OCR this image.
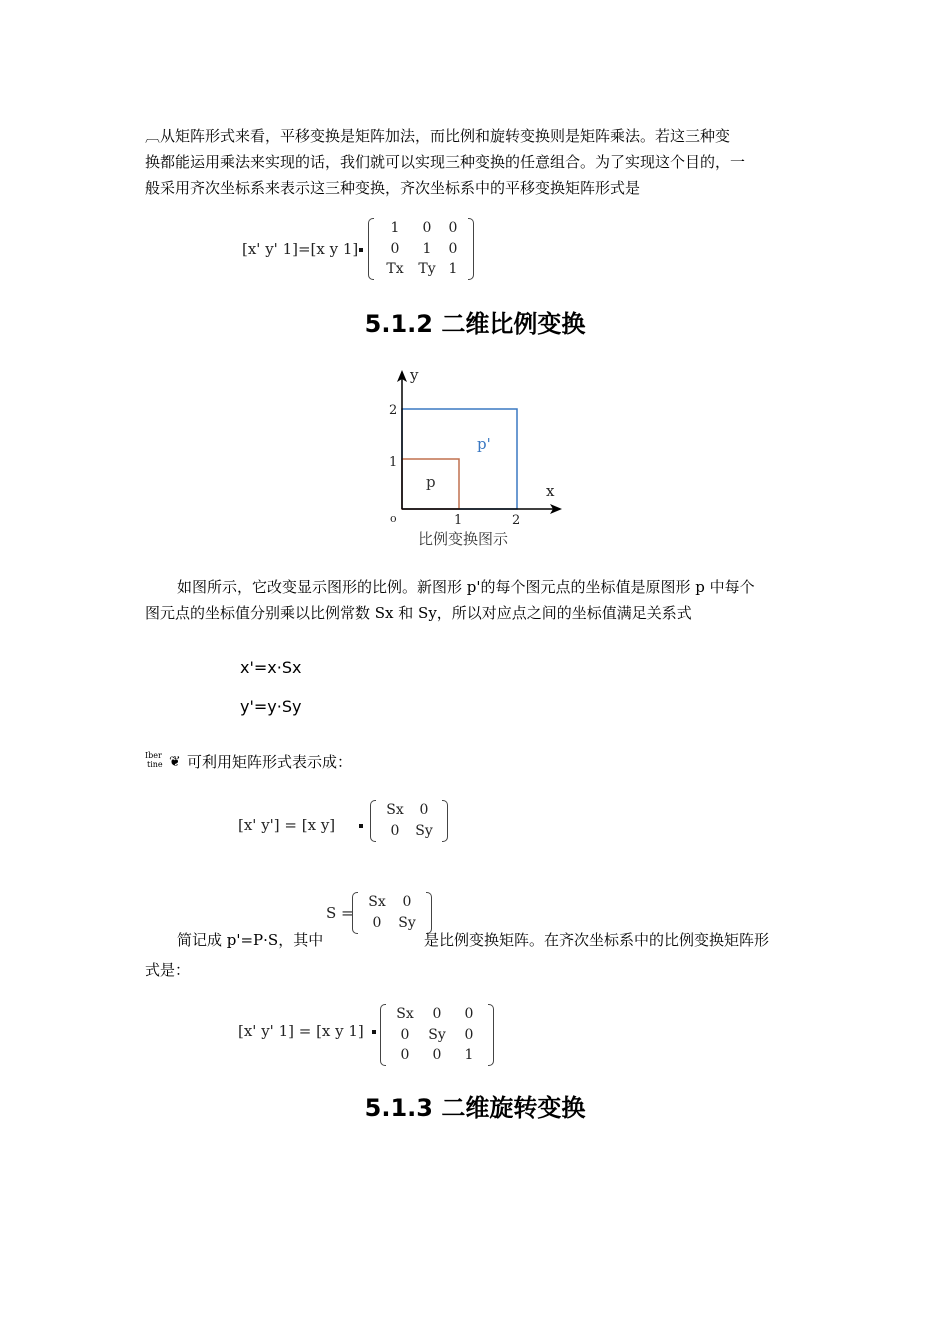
︹从矩阵形式来看，平移变换是矩阵加法，而比例和旋转变换则是矩阵乘法。若这三种变
换都能运用乘法来实现的话，我们就可以实现三种变换的任意组合。为了实现这个目的，一
般采用齐次坐标系来表示这三种变换，齐次坐标系中的平移变换矩阵形式是
[x' y' 1]=[x y 1]
1	0	0
0	1	0
Tx	Ty 1
5.1.2 二维比例变换
y
x
2
1
o	1	2
p
p'
比例变换图示
如图所示，它改变显示图形的比例。新图形 p'的每个图元点的坐标值是原图形 p 中每个
图元点的坐标值分别乘以比例常数 Sx 和 Sy，所以对应点之间的坐标值满足关系式
x'=x·Sx
y'=y·Sy
Iber
tine ❦ 可利用矩阵形式表示成：
[x' y'] = [x y]
Sx	0
0	Sy
S =
Sx	0
0	Sy
简记成 p'=P·S，其中	是比例变换矩阵。在齐次坐标系中的比例变换矩阵形
式是：
[x' y' 1] = [x y 1]
Sx	0	0
0	Sy	0
0	0	1
5.1.3 二维旋转变换
